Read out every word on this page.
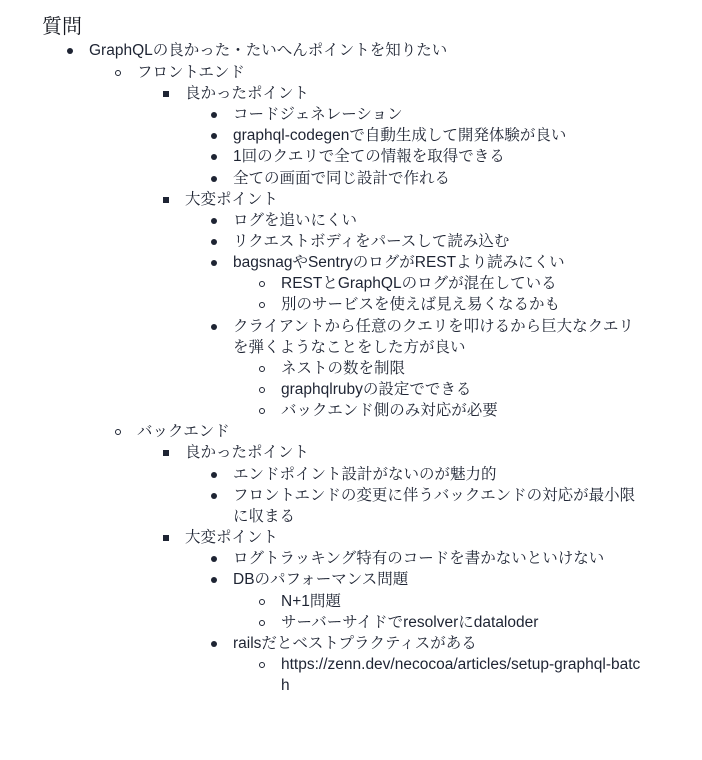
質問
GraphQLの良かった・たいへんポイントを知りたい
フロントエンド
良かったポイント
コードジェネレーション
graphql-codegenで自動生成して開発体験が良い
1回のクエリで全ての情報を取得できる
全ての画面で同じ設計で作れる
大変ポイント
ログを追いにくい
リクエストボディをパースして読み込む
bagsnagやSentryのログがRESTより読みにくい
RESTとGraphQLのログが混在している
別のサービスを使えば見え易くなるかも
クライアントから任意のクエリを叩けるから巨大なクエリを弾くようなことをした方が良い
ネストの数を制限
graphqlrubyの設定でできる
バックエンド側のみ対応が必要
バックエンド
良かったポイント
エンドポイント設計がないのが魅力的
フロントエンドの変更に伴うバックエンドの対応が最小限に収まる
大変ポイント
ログトラッキング特有のコードを書かないといけない
DBのパフォーマンス問題
N+1問題
サーバーサイドでresolverにdataloder
railsだとベストプラクティスがある
https://zenn.dev/necocoa/articles/setup-graphql-batch
